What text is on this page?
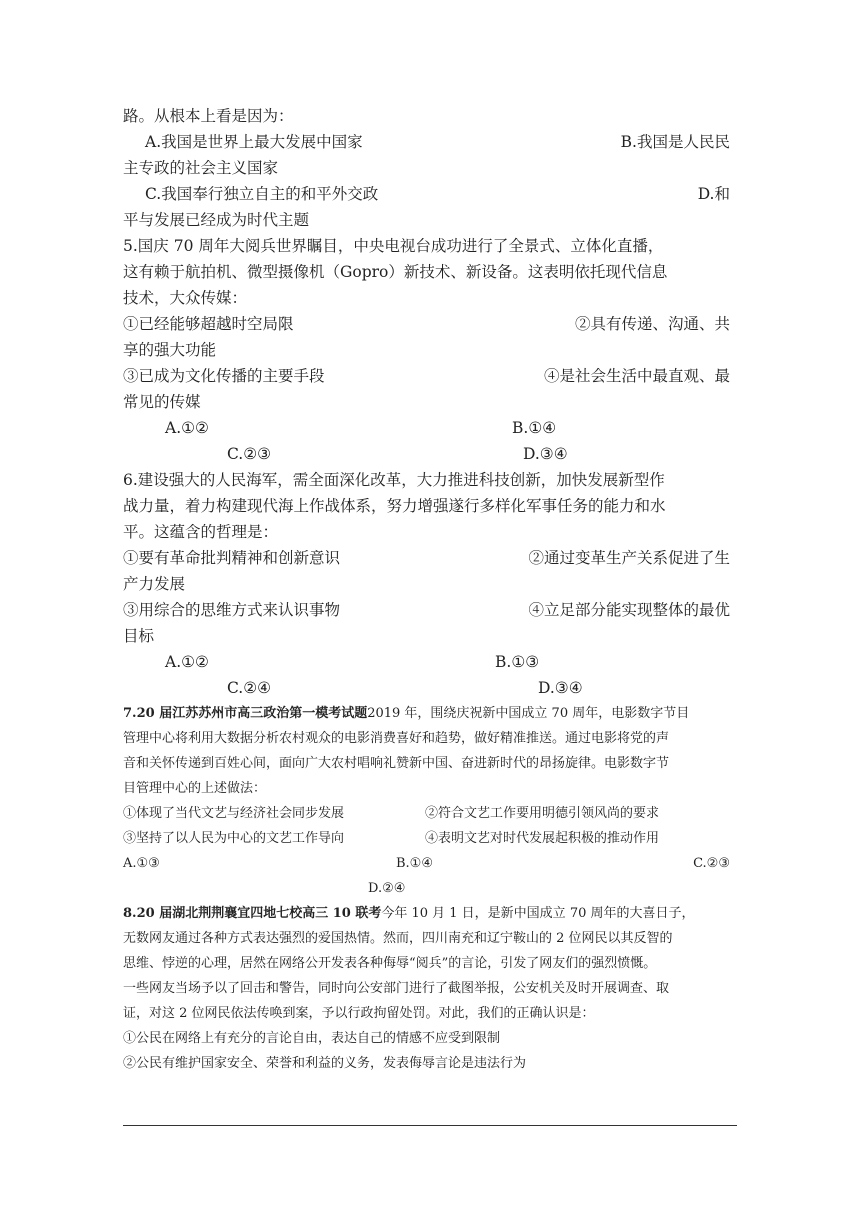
路。从根本上看是因为：
A.我国是世界上最大发展中国家	B.我国是人民民
主专政的社会主义国家
C.我国奉行独立自主的和平外交政	D.和
平与发展已经成为时代主题
5.国庆 70 周年大阅兵世界瞩目，中央电视台成功进行了全景式、立体化直播，
这有赖于航拍机、微型摄像机（Gopro）新技术、新设备。这表明依托现代信息
技术，大众传媒：
①已经能够超越时空局限	②具有传递、沟通、共
享的强大功能
③已成为文化传播的主要手段	④是社会生活中最直观、最
常见的传媒
A.①②	B.①④
C.②③	D.③④
6.建设强大的人民海军，需全面深化改革，大力推进科技创新，加快发展新型作
战力量，着力构建现代海上作战体系，努力增强遂行多样化军事任务的能力和水
平。这蕴含的哲理是：
①要有革命批判精神和创新意识	②通过变革生产关系促进了生
产力发展
③用综合的思维方式来认识事物	④立足部分能实现整体的最优
目标
A.①②	B.①③
C.②④	D.③④
7.20 届江苏苏州市高三政治第一模考试题2019 年，围绕庆祝新中国成立 70 周年，电影数字节目
管理中心将利用大数据分析农村观众的电影消费喜好和趋势，做好精准推送。通过电影将党的声
音和关怀传递到百姓心间，面向广大农村唱响礼赞新中国、奋进新时代的昂扬旋律。电影数字节
目管理中心的上述做法：
①体现了当代文艺与经济社会同步发展	②符合文艺工作要用明德引领风尚的要求
③坚持了以人民为中心的文艺工作导向	④表明文艺对时代发展起积极的推动作用
A.①③	B.①④	C.②③
D.②④
8.20 届湖北荆荆襄宜四地七校高三 10 联考今年 10 月 1 日，是新中国成立 70 周年的大喜日子，
无数网友通过各种方式表达强烈的爱国热情。然而，四川南充和辽宁鞍山的 2 位网民以其反智的
思维、悖逆的心理，居然在网络公开发表各种侮辱“阅兵”的言论，引发了网友们的强烈愤慨。
一些网友当场予以了回击和警告，同时向公安部门进行了截图举报，公安机关及时开展调查、取
证，对这 2 位网民依法传唤到案，予以行政拘留处罚。对此，我们的正确认识是：
①公民在网络上有充分的言论自由，表达自己的情感不应受到限制
②公民有维护国家安全、荣誉和利益的义务，发表侮辱言论是违法行为
